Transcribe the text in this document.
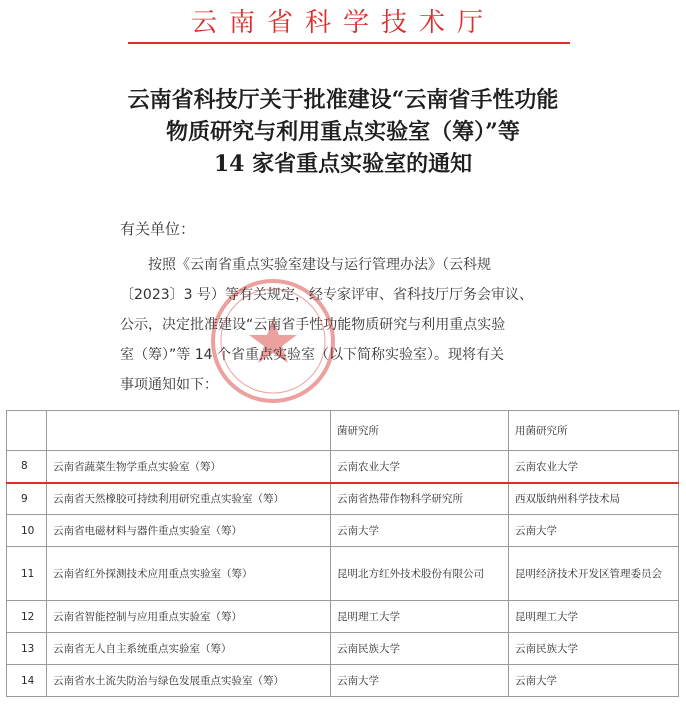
云南省科学技术厅
云南省科技厅关于批准建设“云南省手性功能
物质研究与利用重点实验室（筹）”等
14 家省重点实验室的通知
有关单位：
按照《云南省重点实验室建设与运行管理办法》（云科规
〔2023〕3 号）等有关规定，经专家评审、省科技厅厅务会审议、
公示，决定批准建设“云南省手性功能物质研究与利用重点实验
室（筹）”等 14 个省重点实验室（以下简称实验室）。现将有关
事项通知如下：
		菌研究所	用菌研究所
8	云南省蔬菜生物学重点实验室（筹）	云南农业大学	云南农业大学
9	云南省天然橡胶可持续利用研究重点实验室（筹）	云南省热带作物科学研究所	西双版纳州科学技术局
10	云南省电磁材料与器件重点实验室（筹）	云南大学	云南大学
11	云南省红外探测技术应用重点实验室（筹）	昆明北方红外技术股份有限公司	昆明经济技术开发区管理委员会
12	云南省智能控制与应用重点实验室（筹）	昆明理工大学	昆明理工大学
13	云南省无人自主系统重点实验室（筹）	云南民族大学	云南民族大学
14	云南省水土流失防治与绿色发展重点实验室（筹）	云南大学	云南大学
